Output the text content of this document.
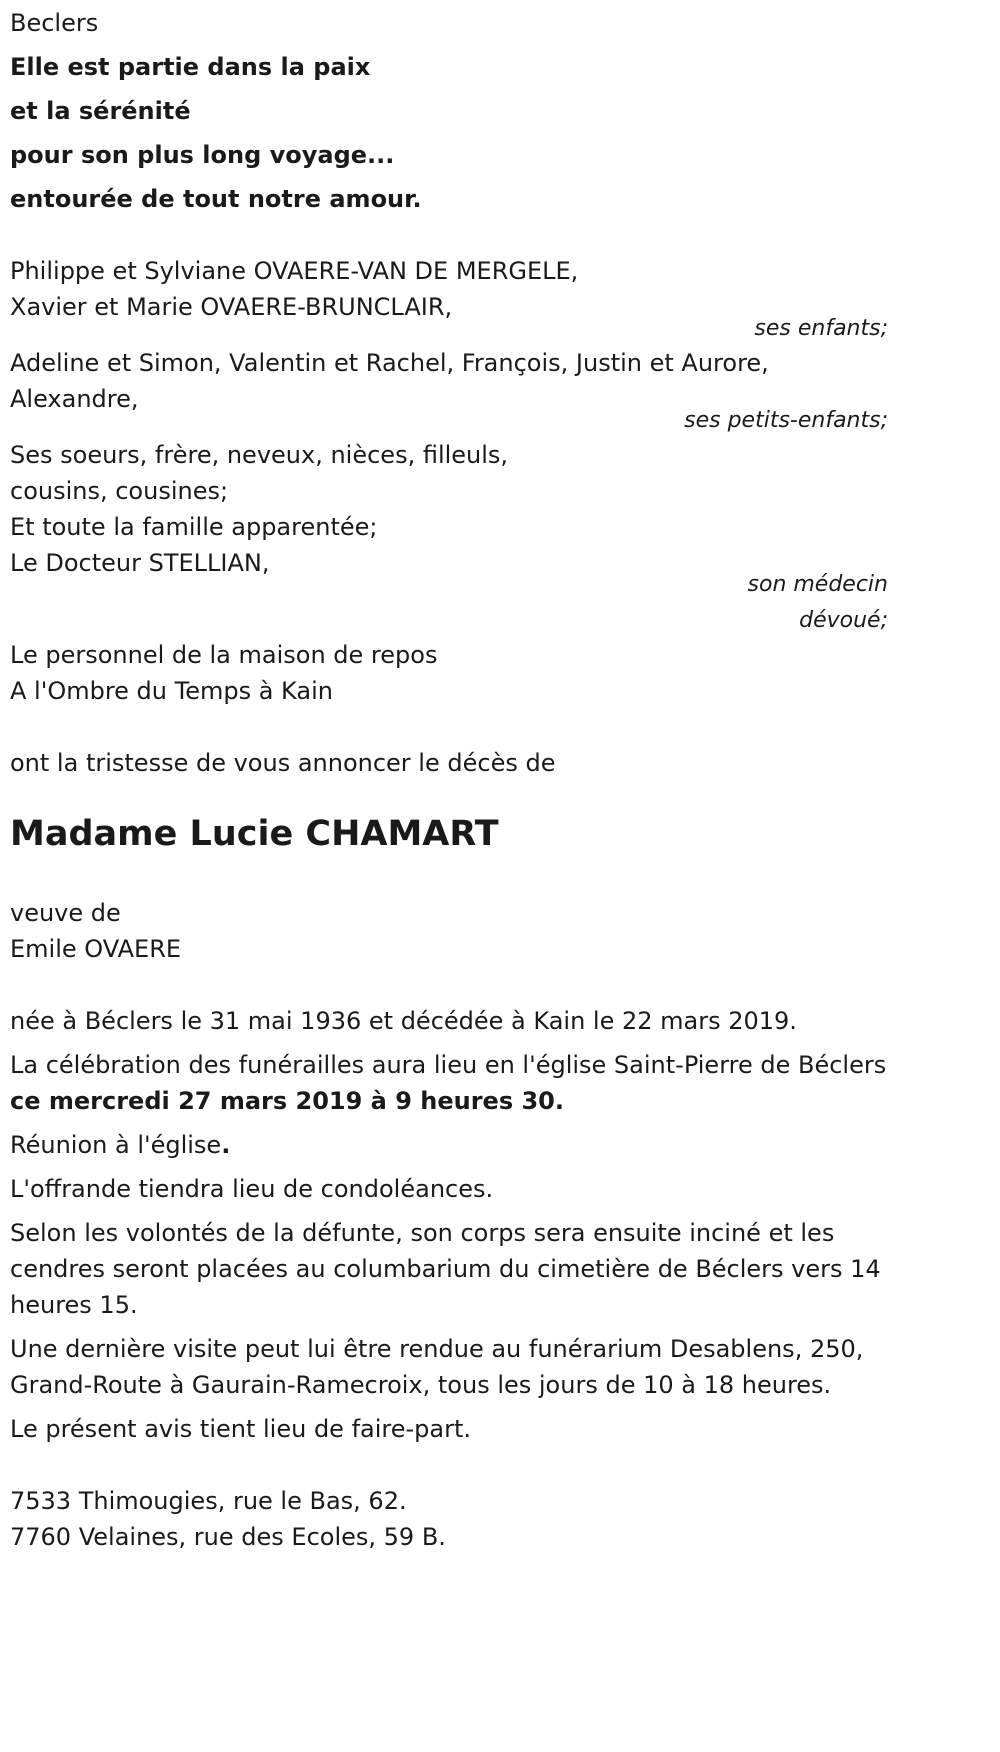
Beclers

Elle est partie dans la paix

et la sérénité

pour son plus long voyage...

entourée de tout notre amour.

Philippe et Sylviane OVAERE-VAN DE MERGELE,

Xavier et Marie OVAERE-BRUNCLAIR,

ses enfants;

Adeline et Simon, Valentin et Rachel, François, Justin et Aurore,

Alexandre,

ses petits-enfants;

Ses soeurs, frère, neveux, nièces, filleuls,

cousins, cousines;

Et toute la famille apparentée;

Le Docteur STELLIAN,

son médecin

dévoué;

Le personnel de la maison de repos

A l'Ombre du Temps à Kain

ont la tristesse de vous annoncer le décès de

Madame Lucie CHAMART

veuve de

Emile OVAERE

née à Béclers le 31 mai 1936 et décédée à Kain le 22 mars 2019.

La célébration des funérailles aura lieu en l'église Saint-Pierre de Béclers

ce mercredi 27 mars 2019 à 9 heures 30.

Réunion à l'église.

L'offrande tiendra lieu de condoléances.

Selon les volontés de la défunte, son corps sera ensuite inciné et les

cendres seront placées au columbarium du cimetière de Béclers vers 14

heures 15.

Une dernière visite peut lui être rendue au funérarium Desablens, 250,

Grand-Route à Gaurain-Ramecroix, tous les jours de 10 à 18 heures.

Le présent avis tient lieu de faire-part.

7533 Thimougies, rue le Bas, 62.

7760 Velaines, rue des Ecoles, 59 B.
